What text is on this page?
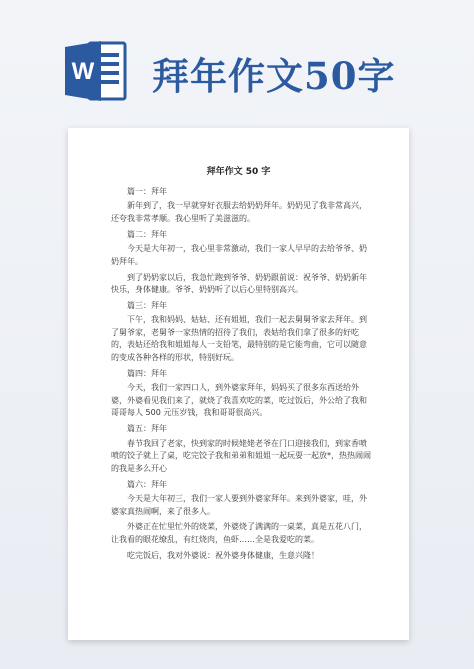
W 拜年作文50字
拜年作文 50 字

篇一：拜年

新年到了，我一早就穿好衣服去给奶奶拜年。奶奶见了我非常高兴，还夸我非常孝顺。我心里听了美滋滋的。

篇二：拜年

今天是大年初一，我心里非常激动，我们一家人早早的去给爷爷、奶奶拜年。

到了奶奶家以后，我急忙跑到爷爷、奶奶跟前说：祝爷爷、奶奶新年快乐，身体健康。爷爷、奶奶听了以后心里特别高兴。

篇三：拜年

下午，我和妈妈、姑姑、还有姐姐，我们一起去舅舅爷家去拜年。到了舅爷家，老舅爷一家热情的招待了我们，表姑给我们拿了很多的好吃的，表姑还给我和姐姐每人一支铅笔，最特别的是它能弯曲，它可以随意的变成各种各样的形状，特别好玩。

篇四：拜年

今天，我们一家四口人，到外婆家拜年，妈妈买了很多东西送给外婆，外婆看见我们来了，就烧了我喜欢吃的菜，吃过饭后，外公给了我和哥哥每人 500 元压岁钱，我和哥哥很高兴。

篇五：拜年

春节我回了老家，快到家的时候姥姥老爷在门口迎接我们，到家香喷喷的饺子就上了桌，吃完饺子我和弟弟和姐姐一起玩耍一起放*，热热闹闹的我是多么开心

篇六：拜年

今天是大年初三，我们一家人要到外婆家拜年。来到外婆家，哇，外婆家真热闹啊，来了很多人。

外婆正在忙里忙外的烧菜，外婆烧了满满的一桌菜，真是五花八门，让我看的眼花缭乱，有红烧肉，鱼虾……全是我爱吃的菜。

吃完饭后，我对外婆说：祝外婆身体健康，生意兴隆！
